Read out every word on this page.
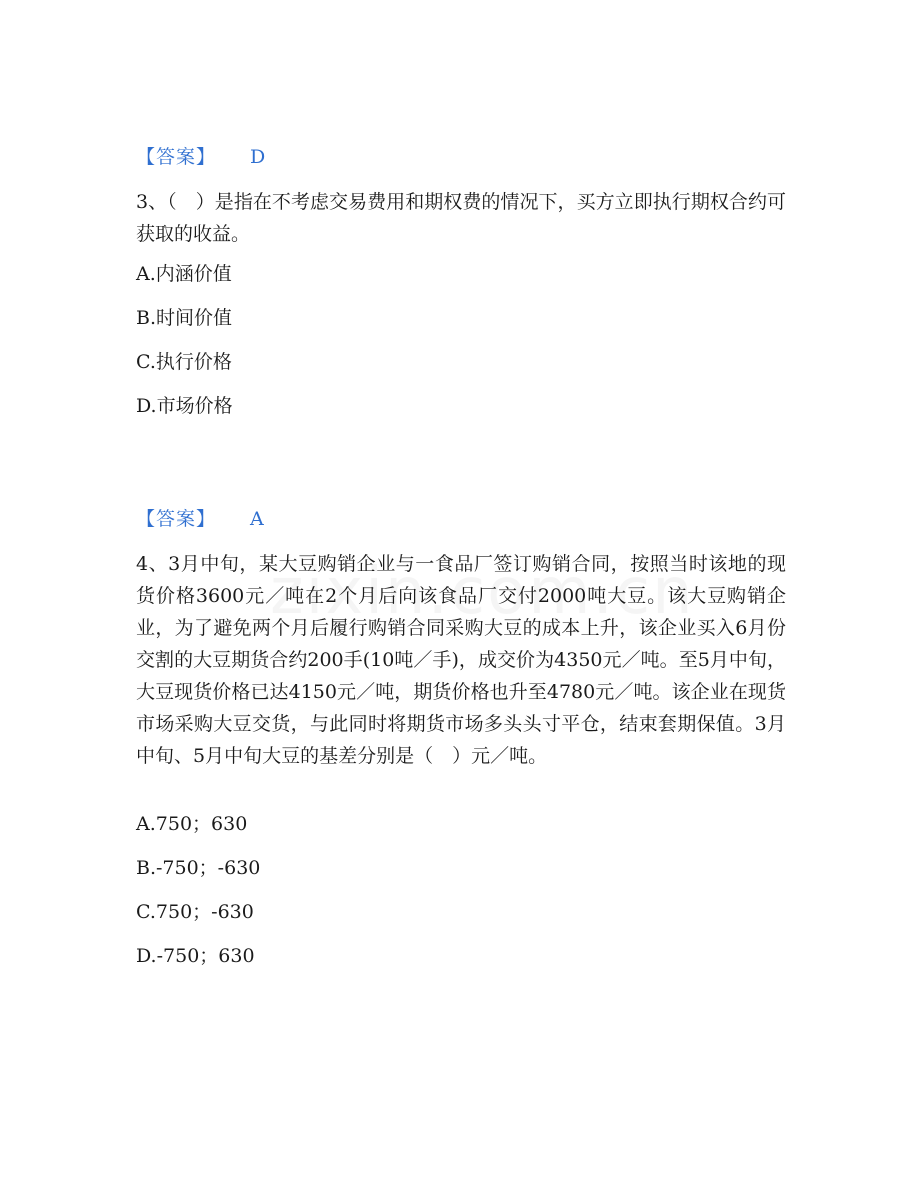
【答案】 D

3、（　）是指在不考虑交易费用和期权费的情况下，买方立即执行期权合约可获取的收益。

A.内涵价值
B.时间价值
C.执行价格
D.市场价格
【答案】 A

4、3月中旬，某大豆购销企业与一食品厂签订购销合同，按照当时该地的现货价格3600元／吨在2个月后向该食品厂交付2000吨大豆。该大豆购销企业，为了避免两个月后履行购销合同采购大豆的成本上升，该企业买入6月份交割的大豆期货合约200手(10吨／手)，成交价为4350元／吨。至5月中旬，大豆现货价格已达4150元／吨，期货价格也升至4780元／吨。该企业在现货市场采购大豆交货，与此同时将期货市场多头头寸平仓，结束套期保值。3月中旬、5月中旬大豆的基差分别是（　）元／吨。

A.750；630
B.-750；-630
C.750；-630
D.-750；630
